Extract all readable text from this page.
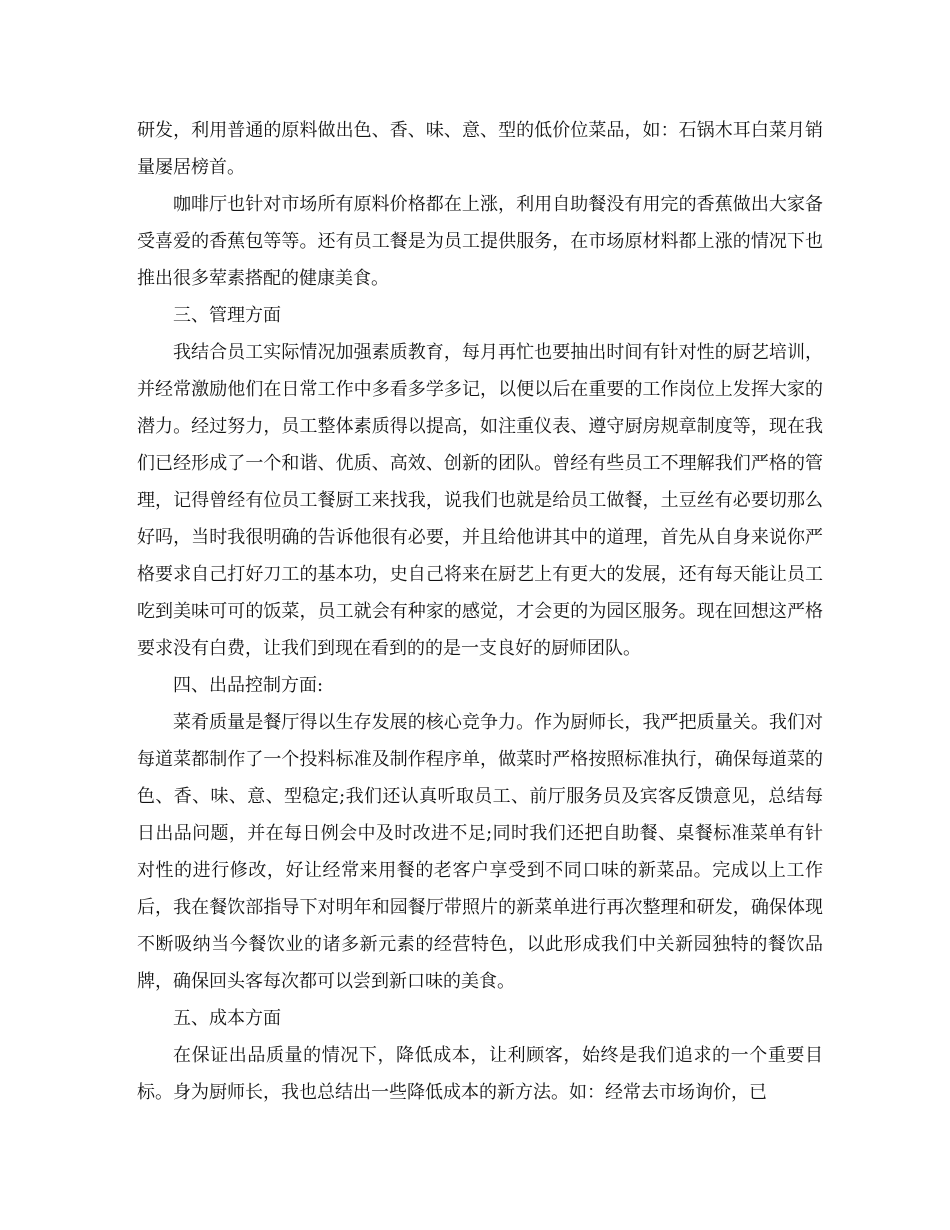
研发，利用普通的原料做出色、香、味、意、型的低价位菜品，如：石锅木耳白菜月销量屡居榜首。

咖啡厅也针对市场所有原料价格都在上涨，利用自助餐没有用完的香蕉做出大家备受喜爱的香蕉包等等。还有员工餐是为员工提供服务，在市场原材料都上涨的情况下也推出很多荤素搭配的健康美食。

三、管理方面

我结合员工实际情况加强素质教育，每月再忙也要抽出时间有针对性的厨艺培训，并经常激励他们在日常工作中多看多学多记，以便以后在重要的工作岗位上发挥大家的潜力。经过努力，员工整体素质得以提高，如注重仪表、遵守厨房规章制度等，现在我们已经形成了一个和谐、优质、高效、创新的团队。曾经有些员工不理解我们严格的管理，记得曾经有位员工餐厨工来找我，说我们也就是给员工做餐，土豆丝有必要切那么好吗，当时我很明确的告诉他很有必要，并且给他讲其中的道理，首先从自身来说你严格要求自己打好刀工的基本功，史自己将来在厨艺上有更大的发展，还有每天能让员工吃到美味可可的饭菜，员工就会有种家的感觉，才会更的为园区服务。现在回想这严格要求没有白费，让我们到现在看到的的是一支良好的厨师团队。

四、出品控制方面:

菜肴质量是餐厅得以生存发展的核心竞争力。作为厨师长，我严把质量关。我们对每道菜都制作了一个投料标准及制作程序单，做菜时严格按照标准执行，确保每道菜的色、香、味、意、型稳定;我们还认真听取员工、前厅服务员及宾客反馈意见，总结每日出品问题，并在每日例会中及时改进不足;同时我们还把自助餐、桌餐标准菜单有针对性的进行修改，好让经常来用餐的老客户享受到不同口味的新菜品。完成以上工作后，我在餐饮部指导下对明年和园餐厅带照片的新菜单进行再次整理和研发，确保体现不断吸纳当今餐饮业的诸多新元素的经营特色，以此形成我们中关新园独特的餐饮品牌，确保回头客每次都可以尝到新口味的美食。

五、成本方面

在保证出品质量的情况下，降低成本，让利顾客，始终是我们追求的一个重要目标。身为厨师长，我也总结出一些降低成本的新方法。如：经常去市场询价，已
